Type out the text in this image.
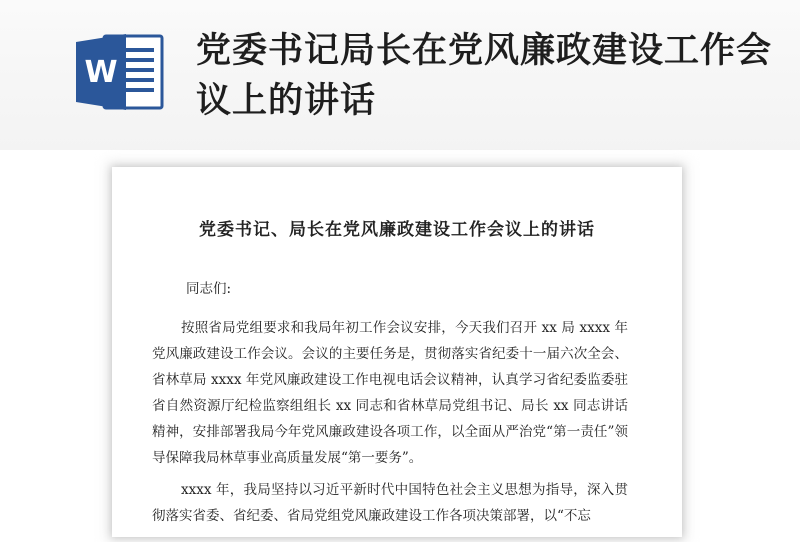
W
党委书记局长在党风廉政建设工作会议上的讲话
党委书记、局长在党风廉政建设工作会议上的讲话

同志们:

按照省局党组要求和我局年初工作会议安排，今天我们召开 xx 局 xxxx 年党风廉政建设工作会议。会议的主要任务是，贯彻落实省纪委十一届六次全会、省林草局 xxxx 年党风廉政建设工作电视电话会议精神，认真学习省纪委监委驻省自然资源厅纪检监察组组长 xx 同志和省林草局党组书记、局长 xx 同志讲话精神，安排部署我局今年党风廉政建设各项工作，以全面从严治党“第一责任”领导保障我局林草事业高质量发展“第一要务”。

xxxx 年，我局坚持以习近平新时代中国特色社会主义思想为指导，深入贯彻落实省委、省纪委、省局党组党风廉政建设工作各项决策部署，以“不忘
